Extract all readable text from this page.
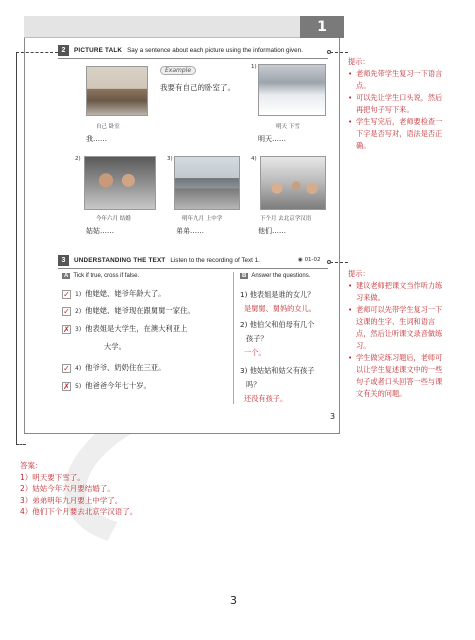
1
2	PICTURE TALK Say a sentence about each picture using the information given.
自己 卧室
我……
Example
我要有自己的卧室了。
1)
明天 下雪
明天……
2)
今年六月 结婚
姑姑……
3)
明年九月 上中学
弟弟……
4)
下个月 去北京学汉语
他们……
3	UNDERSTANDING THE TEXT Listen to the recording of Text 1.	◉ 01-02
A Tick if true, cross if false.	B Answer the questions.
✓ 1) 他姥姥、姥爷年龄大了。
✓ 2) 他姥姥、姥爷现在跟舅舅一家住。
✗ 3) 他表姐是大学生，在澳大利亚上
大学。
✓ 4) 他爷爷、奶奶住在三亚。
✗ 5) 他爸爸今年七十岁。
1) 他表姐是谁的女儿？
是舅舅、舅妈的女儿。
2) 他伯父和伯母有几个
孩子？
一个。
3) 他姑姑和姑父有孩子
吗？
还没有孩子。
3
提示：
• 老师先带学生复习一下语言点。
• 可以先让学生口头说，然后再把句子写下来。
• 学生写完后，老师要检查一下字是否写对，语法是否正确。
提示：
• 建议老师把课文当作听力练习来做。
• 老师可以先带学生复习一下这课的生字、生词和语言点，然后让听课文录音做练习。
• 学生做完练习题后，老师可以让学生复述课文中的一些句子或者口头回答一些与课文有关的问题。
答案：
1）明天要下雪了。
2）姑姑今年六月要结婚了。
3）弟弟明年九月要上中学了。
4）他们下个月要去北京学汉语了。
3
